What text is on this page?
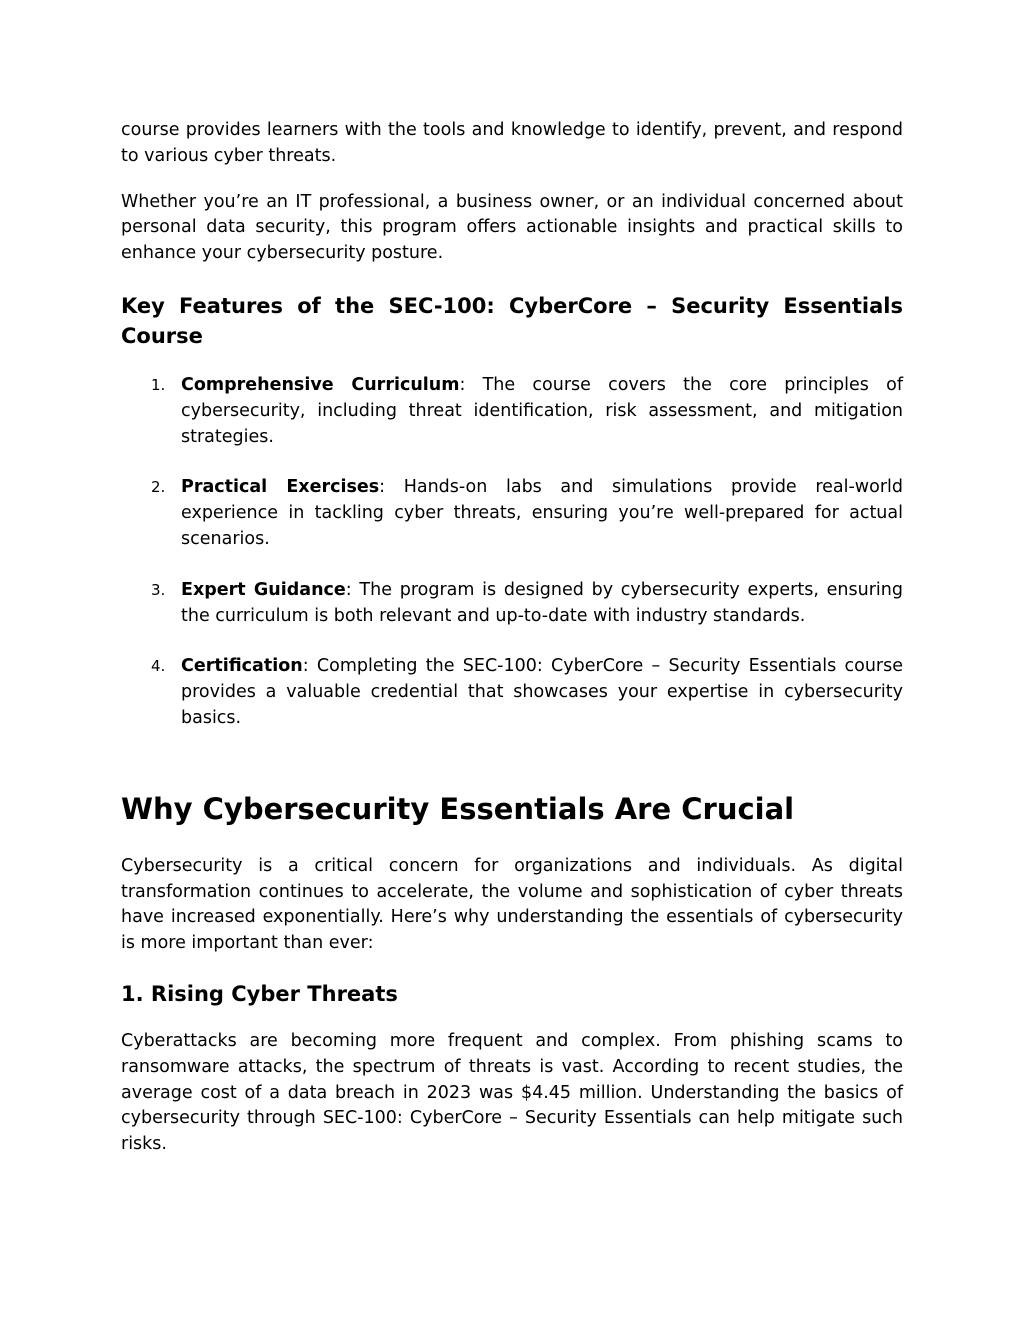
course provides learners with the tools and knowledge to identify, prevent, and respond to various cyber threats.

Whether you’re an IT professional, a business owner, or an individual concerned about personal data security, this program offers actionable insights and practical skills to enhance your cybersecurity posture.

Key Features of the SEC-100: CyberCore – Security Essentials Course
1. Comprehensive Curriculum: The course covers the core principles of cybersecurity, including threat identification, risk assessment, and mitigation strategies.
2. Practical Exercises: Hands-on labs and simulations provide real-world experience in tackling cyber threats, ensuring you’re well-prepared for actual scenarios.
3. Expert Guidance: The program is designed by cybersecurity experts, ensuring the curriculum is both relevant and up-to-date with industry standards.
4. Certification: Completing the SEC-100: CyberCore – Security Essentials course provides a valuable credential that showcases your expertise in cybersecurity basics.
Why Cybersecurity Essentials Are Crucial

Cybersecurity is a critical concern for organizations and individuals. As digital transformation continues to accelerate, the volume and sophistication of cyber threats have increased exponentially. Here’s why understanding the essentials of cybersecurity is more important than ever:

1. Rising Cyber Threats

Cyberattacks are becoming more frequent and complex. From phishing scams to ransomware attacks, the spectrum of threats is vast. According to recent studies, the average cost of a data breach in 2023 was $4.45 million. Understanding the basics of cybersecurity through SEC-100: CyberCore – Security Essentials can help mitigate such risks.
